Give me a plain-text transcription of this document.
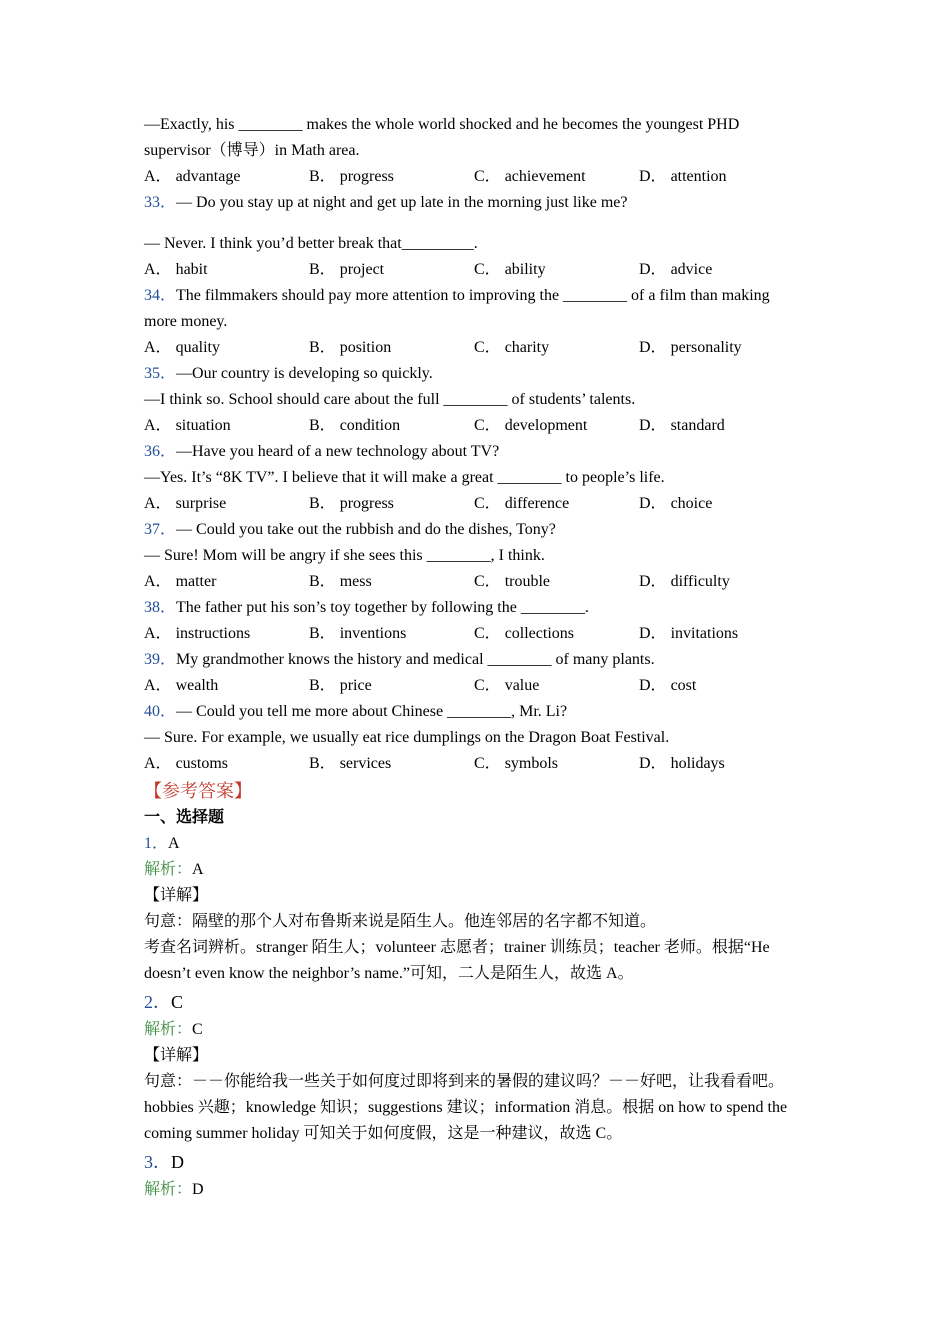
—Exactly, his ________ makes the whole world shocked and he becomes the youngest PHD
supervisor（博导）in Math area.
A． advantage	B． progress	C． achievement	D． attention
33．— Do you stay up at night and get up late in the morning just like me?
— Never. I think you’d better break that_________.
A． habit	B． project	C． ability	D． advice
34．The filmmakers should pay more attention to improving the ________ of a film than making
more money.
A． quality	B． position	C． charity	D． personality
35．—Our country is developing so quickly.
—I think so. School should care about the full ________ of students’ talents.
A． situation	B． condition	C． development	D． standard
36．—Have you heard of a new technology about TV?
—Yes. It’s “8K TV”. I believe that it will make a great ________ to people’s life.
A． surprise	B． progress	C． difference	D． choice
37．— Could you take out the rubbish and do the dishes, Tony?
— Sure! Mom will be angry if she sees this ________, I think.
A． matter	B． mess	C． trouble	D． difficulty
38．The father put his son’s toy together by following the ________.
A． instructions	B． inventions	C． collections	D． invitations
39．My grandmother knows the history and medical ________ of many plants.
A． wealth	B． price	C． value	D． cost
40．— Could you tell me more about Chinese ________, Mr. Li?
— Sure. For example, we usually eat rice dumplings on the Dragon Boat Festival.
A． customs	B． services	C． symbols	D． holidays
【参考答案】
一、选择题
1．A
解析：A
【详解】
句意：隔壁的那个人对布鲁斯来说是陌生人。他连邻居的名字都不知道。
考查名词辨析。stranger 陌生人；volunteer 志愿者；trainer 训练员；teacher 老师。根据“He doesn’t even know the neighbor’s name.”可知，二人是陌生人，故选 A。
2．C
解析：C
【详解】
句意：－－你能给我一些关于如何度过即将到来的暑假的建议吗？－－好吧，让我看看吧。
hobbies 兴趣；knowledge 知识；suggestions 建议；information 消息。根据 on how to spend the coming summer holiday 可知关于如何度假，这是一种建议，故选 C。
3．D
解析：D
